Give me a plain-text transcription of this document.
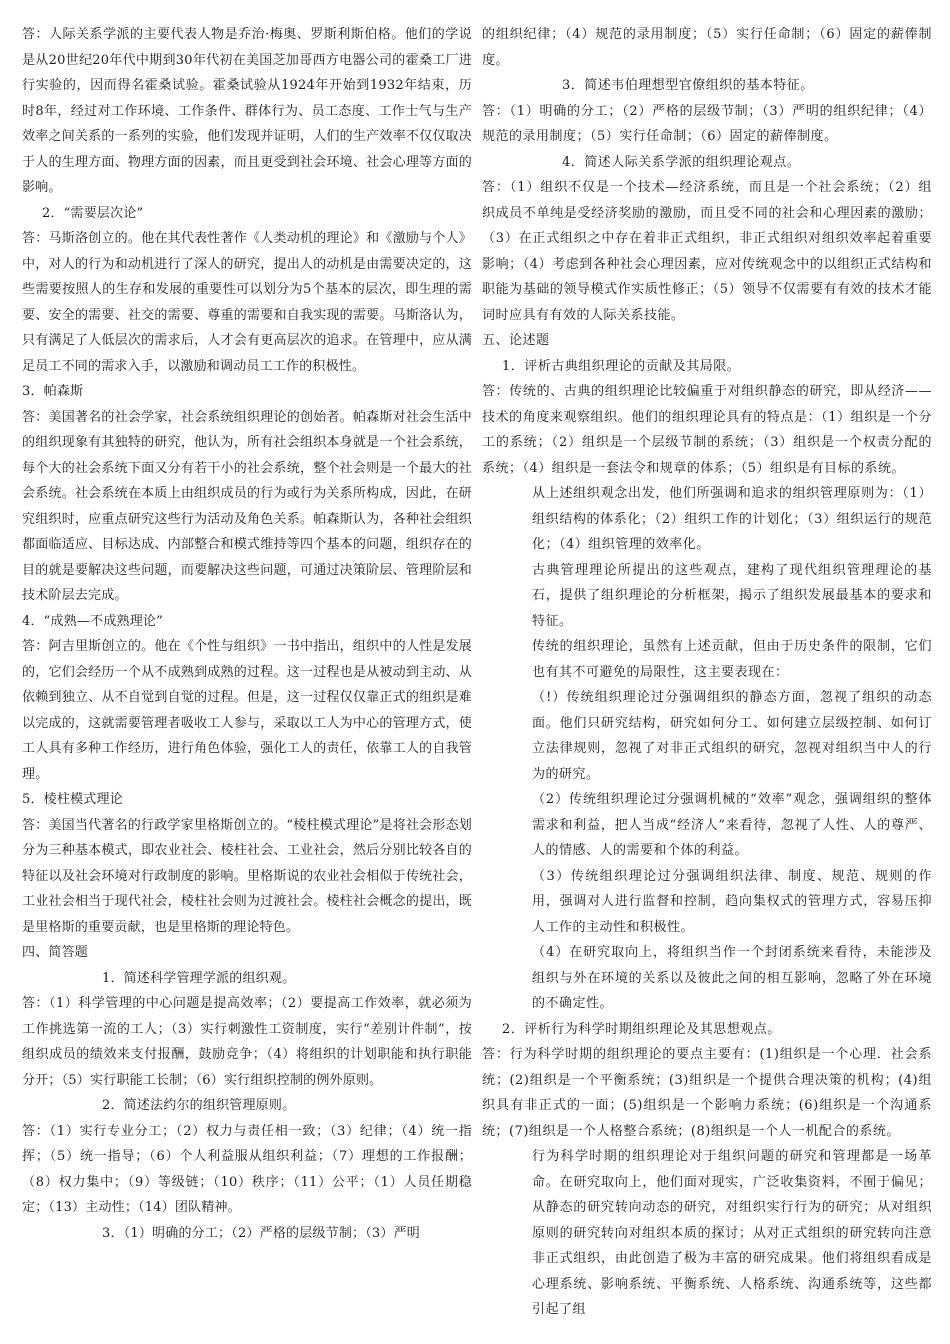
答：人际关系学派的主要代表人物是乔治·梅奥、罗斯利斯伯格。他们的学说是从20世纪20年代中期到30年代初在美国芝加哥西方电器公司的霍桑工厂进行实验的，因而得名霍桑试验。霍桑试验从1924年开始到1932年结束，历时8年，经过对工作环境、工作条件、群体行为、员工态度、工作士气与生产效率之间关系的一系列的实验，他们发现并证明，人们的生产效率不仅仅取决于人的生理方面、物理方面的因素，而且更受到社会环境、社会心理等方面的影响。

2．“需要层次论”

答：马斯洛创立的。他在其代表性著作《人类动机的理论》和《激励与个人》中，对人的行为和动机进行了深人的研究，提出人的动机是由需要决定的，这些需要按照人的生存和发展的重要性可以划分为5个基本的层次，即生理的需要、安全的需要、社交的需要、尊重的需要和自我实现的需要。马斯洛认为，只有满足了人低层次的需求后，人才会有更高层次的追求。在管理中，应从满足员工不同的需求入手，以激励和调动员工工作的积极性。

3．帕森斯

答：美国著名的社会学家，社会系统组织理论的创始者。帕森斯对社会生活中的组织现象有其独特的研究，他认为，所有社会组织本身就是一个社会系统，每个大的社会系统下面又分有若干小的社会系统，整个社会则是一个最大的社会系统。社会系统在本质上由组织成员的行为或行为关系所构成，因此，在研究组织时，应重点研究这些行为活动及角色关系。帕森斯认为，各种社会组织都面临适应、目标达成、内部整合和模式维持等四个基本的问题，组织存在的目的就是要解决这些问题，而要解决这些问题，可通过决策阶层、管理阶层和技术阶层去完成。

4．“成熟—不成熟理论”

答：阿吉里斯创立的。他在《个性与组织》一书中指出，组织中的人性是发展的，它们会经历一个从不成熟到成熟的过程。这一过程也是从被动到主动、从依赖到独立、从不自觉到自觉的过程。但是，这一过程仅仅靠正式的组织是难以完成的，这就需要管理者吸收工人参与，采取以工人为中心的管理方式，使工人具有多种工作经历，进行角色体验，强化工人的责任，依靠工人的自我管理。

5．棱柱模式理论

答：美国当代著名的行政学家里格斯创立的。“棱柱模式理论”是将社会形态划分为三种基本模式，即农业社会、棱柱社会、工业社会，然后分别比较各自的特征以及社会环境对行政制度的影响。里格斯说的农业社会相似于传统社会，工业社会相当于现代社会，棱柱社会则为过渡社会。棱柱社会概念的提出，既是里格斯的重要贡献，也是里格斯的理论特色。

四、简答题

1．简述科学管理学派的组织观。

答：（1）科学管理的中心问题是提高效率；（2）要提高工作效率，就必须为工作挑选第一流的工人；（3）实行刺激性工资制度，实行“差别计件制”，按组织成员的绩效来支付报酬，鼓励竞争；（4）将组织的计划职能和执行职能分开；（5）实行职能工长制；（6）实行组织控制的例外原则。

2．简述法约尔的组织管理原则。

答：（1）实行专业分工；（2）权力与责任相一致；（3）纪律；（4）统一指挥；（5）统一指导；（6）个人利益服从组织利益；（7）理想的工作报酬；（8）权力集中；（9）等级链；（10）秩序；（11）公平；（1）人员任期稳定；（13）主动性；（14）团队精神。

3．（1）明确的分工；（2）严格的层级节制；（3）严明

的组织纪律；（4）规范的录用制度；（5）实行任命制；（6）固定的薪俸制度。

3．简述韦伯理想型官僚组织的基本特征。

答：（1）明确的分工；（2）严格的层级节制；（3）严明的组织纪律；（4）规范的录用制度；（5）实行任命制；（6）固定的薪俸制度。

4．简述人际关系学派的组织理论观点。

答：（1）组织不仅是一个技术—经济系统，而且是一个社会系统；（2）组织成员不单纯是受经济奖励的激励，而且受不同的社会和心理因素的激励；（3）在正式组织之中存在着非正式组织，非正式组织对组织效率起着重要影响；（4）考虑到各种社会心理因素，应对传统观念中的以组织正式结构和职能为基础的领导模式作实质性修正；（5）领导不仅需要有有效的技术才能词时应具有有效的人际关系技能。

五、论述题

1．评析古典组织理论的贡献及其局限。

答：传统的、古典的组织理论比较偏重于对组织静态的研究，即从经济——技术的角度来观察组织。他们的组织理论具有的特点是：（1）组织是一个分工的系统；（2）组织是一个层级节制的系统；（3）组织是一个权责分配的系统；（4）组织是一套法令和规章的体系；（5）组织是有目标的系统。

从上述组织观念出发，他们所强调和追求的组织管理原则为：（1）组织结构的体系化；（2）组织工作的计划化；（3）组织运行的规范化；（4）组织管理的效率化。

古典管理理论所提出的这些观点，建构了现代组织管理理论的基石，提供了组织理论的分析框架，揭示了组织发展最基本的要求和特征。

传统的组织理论，虽然有上述贡献，但由于历史条件的限制，它们也有其不可避免的局限性，这主要表现在：

（!）传统组织理论过分强调组织的静态方面，忽视了组织的动态面。他们只研究结构，研究如何分工、如何建立层级控制、如何订立法律规则，忽视了对非正式组织的研究，忽视对组织当中人的行为的研究。

（2）传统组织理论过分强调机械的“效率”观念，强调组织的整体需求和利益，把人当成“经济人”来看待，忽视了人性、人的尊严、人的情感、人的需要和个体的利益。

（3）传统组织理论过分强调组织法律、制度、规范、规则的作用，强调对人进行监督和控制，趋向集权式的管理方式，容易压抑人工作的主动性和积极性。

（4）在研究取向上，将组织当作一个封闭系统来看待，未能涉及组织与外在环境的关系以及彼此之间的相互影响，忽略了外在环境的不确定性。

2．评析行为科学时期组织理论及其思想观点。

答：行为科学时期的组织理论的要点主要有：(1)组织是一个心理．社会系统；(2)组织是一个平衡系统；(3)组织是一个提供合理决策的机构；(4)组织具有非正式的一面；(5)组织是一个影响力系统；(6)组织是一个沟通系统；(7)组织是一个人格整合系统；(8)组织是一个人一机配合的系统。

行为科学时期的组织理论对于组织问题的研究和管理都是一场革命。在研究取向上，他们面对现实，广泛收集资料，不囿于偏见；从静态的研究转向动态的研究，对组织实行行为的研究；从对组织原则的研究转向对组织本质的探讨；从对正式组织的研究转向注意非正式组织，由此创造了极为丰富的研究成果。他们将组织看成是心理系统、影响系统、平衡系统、人格系统、沟通系统等，这些都引起了组
